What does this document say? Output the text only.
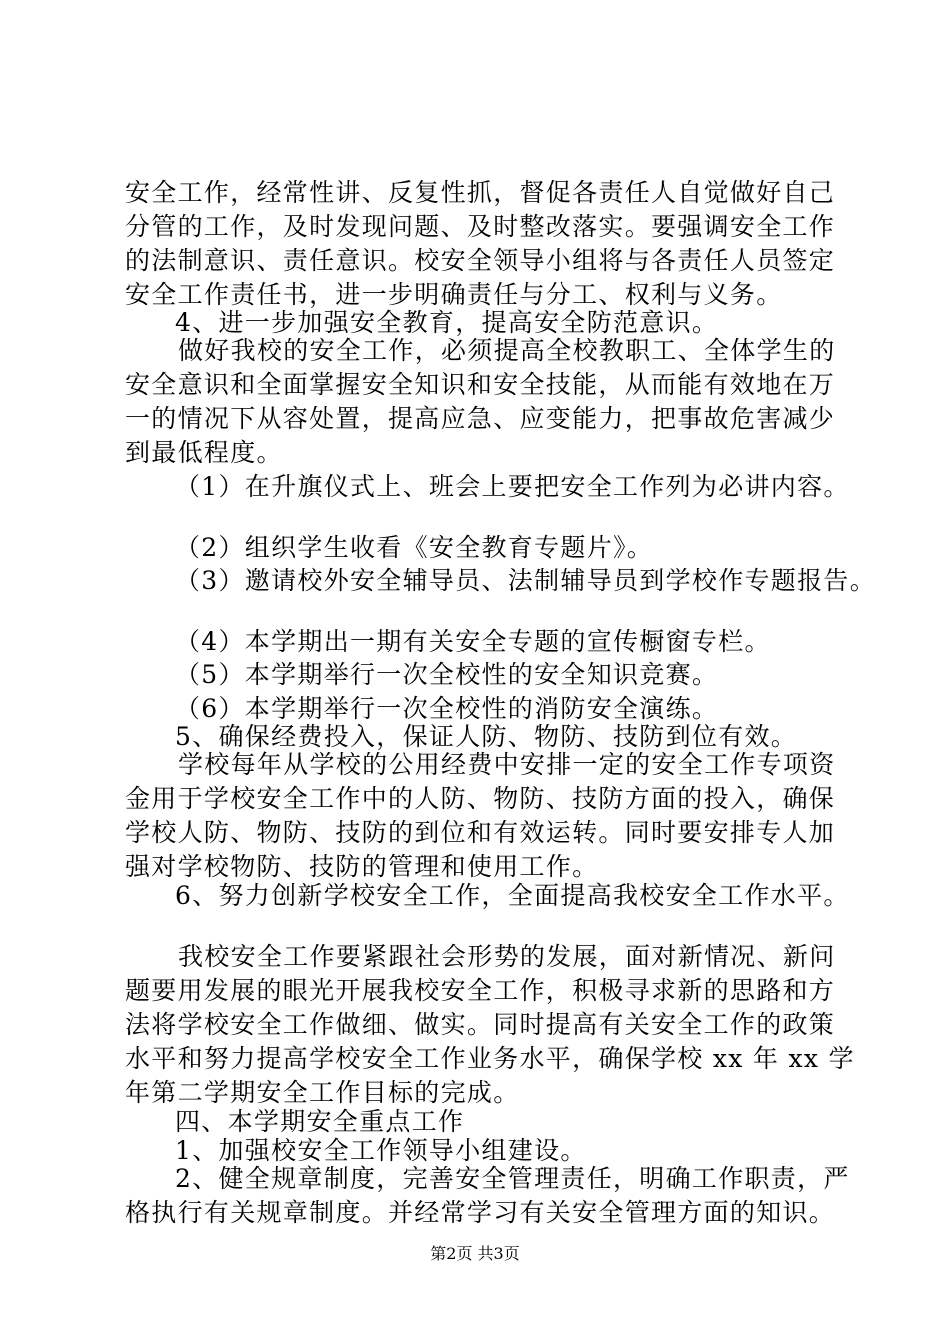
安全工作，经常性讲、反复性抓，督促各责任人自觉做好自己

分管的工作，及时发现问题、及时整改落实。要强调安全工作

的法制意识、责任意识。校安全领导小组将与各责任人员签定

安全工作责任书，进一步明确责任与分工、权利与义务。

4、进一步加强安全教育，提高安全防范意识。

做好我校的安全工作，必须提高全校教职工、全体学生的

安全意识和全面掌握安全知识和安全技能，从而能有效地在万

一的情况下从容处置，提高应急、应变能力，把事故危害减少

到最低程度。

（1）在升旗仪式上、班会上要把安全工作列为必讲内容。

（2）组织学生收看《安全教育专题片》。

（3）邀请校外安全辅导员、法制辅导员到学校作专题报告。

（4）本学期出一期有关安全专题的宣传橱窗专栏。

（5）本学期举行一次全校性的安全知识竞赛。

（6）本学期举行一次全校性的消防安全演练。

5、确保经费投入，保证人防、物防、技防到位有效。

学校每年从学校的公用经费中安排一定的安全工作专项资

金用于学校安全工作中的人防、物防、技防方面的投入，确保

学校人防、物防、技防的到位和有效运转。同时要安排专人加

强对学校物防、技防的管理和使用工作。

6、努力创新学校安全工作，全面提高我校安全工作水平。

我校安全工作要紧跟社会形势的发展，面对新情况、新问

题要用发展的眼光开展我校安全工作，积极寻求新的思路和方

法将学校安全工作做细、做实。同时提高有关安全工作的政策

水平和努力提高学校安全工作业务水平，确保学校 xx 年 xx 学

年第二学期安全工作目标的完成。

四、本学期安全重点工作

1、加强校安全工作领导小组建设。

2、健全规章制度，完善安全管理责任，明确工作职责，严

格执行有关规章制度。并经常学习有关安全管理方面的知识。

第2页 共3页
